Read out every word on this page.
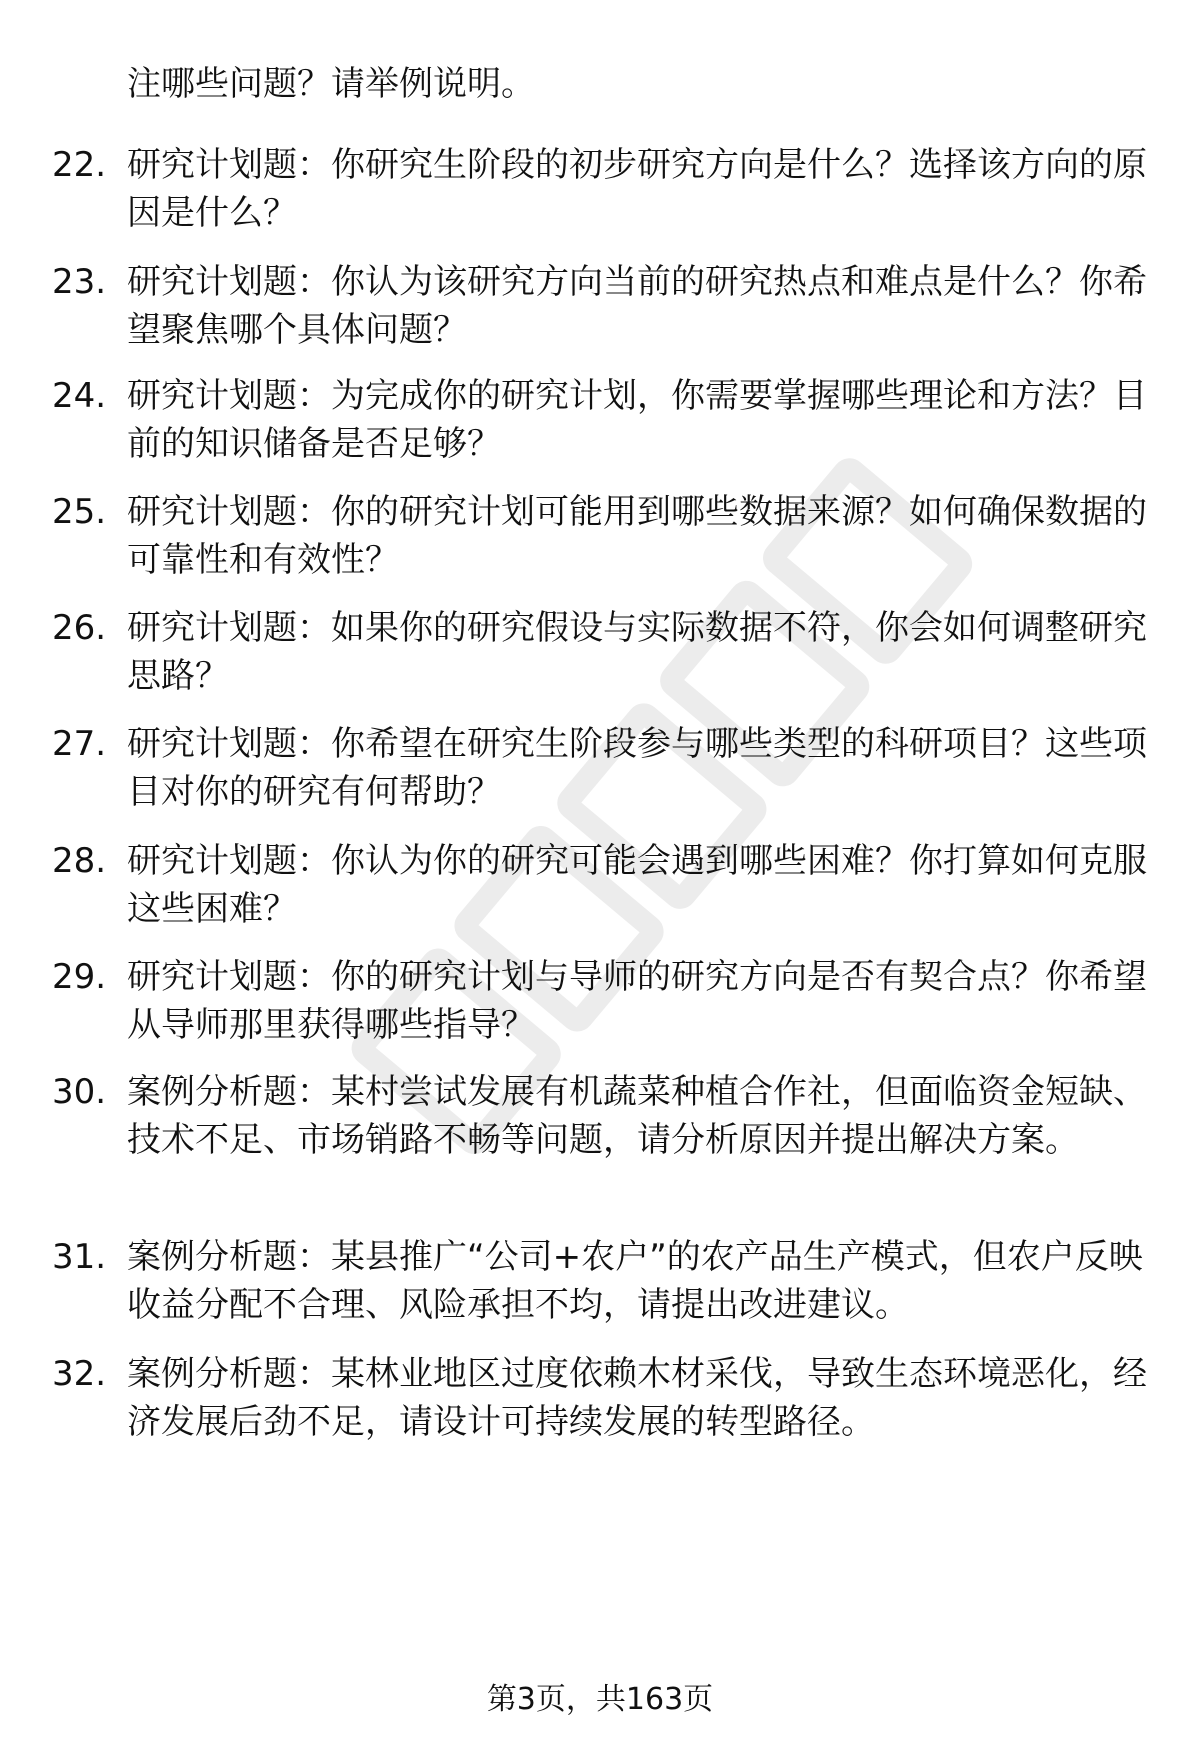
注哪些问题？请举例说明。

22. 研究计划题：你研究生阶段的初步研究方向是什么？选择该方向的原因是什么？

23. 研究计划题：你认为该研究方向当前的研究热点和难点是什么？你希望聚焦哪个具体问题？

24. 研究计划题：为完成你的研究计划，你需要掌握哪些理论和方法？目前的知识储备是否足够？

25. 研究计划题：你的研究计划可能用到哪些数据来源？如何确保数据的可靠性和有效性？

26. 研究计划题：如果你的研究假设与实际数据不符，你会如何调整研究思路？

27. 研究计划题：你希望在研究生阶段参与哪些类型的科研项目？这些项目对你的研究有何帮助？

28. 研究计划题：你认为你的研究可能会遇到哪些困难？你打算如何克服这些困难？

29. 研究计划题：你的研究计划与导师的研究方向是否有契合点？你希望从导师那里获得哪些指导？

30. 案例分析题：某村尝试发展有机蔬菜种植合作社，但面临资金短缺、技术不足、市场销路不畅等问题，请分析原因并提出解决方案。

31. 案例分析题：某县推广“公司+农户”的农产品生产模式，但农户反映收益分配不合理、风险承担不均，请提出改进建议。

32. 案例分析题：某林业地区过度依赖木材采伐，导致生态环境恶化，经济发展后劲不足，请设计可持续发展的转型路径。

第3页，共163页
